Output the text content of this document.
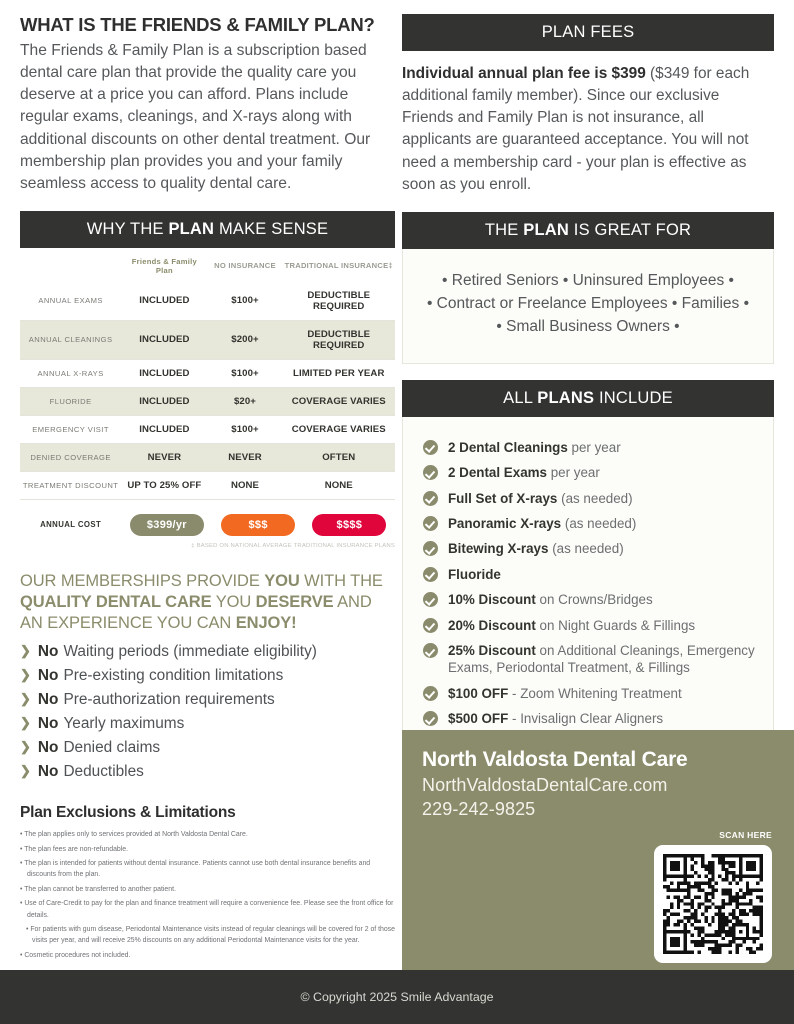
WHAT IS THE FRIENDS & FAMILY PLAN?
The Friends & Family Plan is a subscription based dental care plan that provide the quality care you deserve at a price you can afford. Plans include regular exams, cleanings, and X-rays along with additional discounts on other dental treatment. Our membership plan provides you and your family seamless access to quality dental care.
WHY THE PLAN MAKE SENSE
	Friends & Family Plan	NO INSURANCE	TRADITIONAL INSURANCE‡
ANNUAL EXAMS	INCLUDED	$100+	DEDUCTIBLE REQUIRED
ANNUAL CLEANINGS	INCLUDED	$200+	DEDUCTIBLE REQUIRED
ANNUAL X-RAYS	INCLUDED	$100+	LIMITED PER YEAR
FLUORIDE	INCLUDED	$20+	COVERAGE VARIES
EMERGENCY VISIT	INCLUDED	$100+	COVERAGE VARIES
DENIED COVERAGE	NEVER	NEVER	OFTEN
TREATMENT DISCOUNT	UP TO 25% OFF	NONE	NONE
ANNUAL COST	$399/yr	$$$	$$$$
‡ BASED ON NATIONAL AVERAGE TRADITIONAL INSURANCE PLANS
OUR MEMBERSHIPS PROVIDE YOU WITH THE QUALITY DENTAL CARE YOU DESERVE AND AN EXPERIENCE YOU CAN ENJOY!
❯ No Waiting periods (immediate eligibility)
❯ No Pre-existing condition limitations
❯ No Pre-authorization requirements
❯ No Yearly maximums
❯ No Denied claims
❯ No Deductibles
Plan Exclusions & Limitations
• The plan applies only to services provided at North Valdosta Dental Care.
• The plan fees are non-refundable.
• The plan is intended for patients without dental insurance. Patients cannot use both dental insurance benefits and discounts from the plan.
• The plan cannot be transferred to another patient.
• Use of Care-Credit to pay for the plan and finance treatment will require a convenience fee. Please see the front office for details.
• For patients with gum disease, Periodontal Maintenance visits instead of regular cleanings will be covered for 2 of those visits per year, and will receive 25% discounts on any additional Periodontal Maintenance visits for the year.
• Cosmetic procedures not included.
PLAN FEES
Individual annual plan fee is $399 ($349 for each additional family member). Since our exclusive Friends and Family Plan is not insurance, all applicants are guaranteed acceptance. You will not need a membership card - your plan is effective as soon as you enroll.
THE PLAN IS GREAT FOR
• Retired Seniors • Uninsured Employees •
• Contract or Freelance Employees • Families •
• Small Business Owners •
ALL PLANS INCLUDE
2 Dental Cleanings per year
2 Dental Exams per year
Full Set of X-rays (as needed)
Panoramic X-rays (as needed)
Bitewing X-rays (as needed)
Fluoride
10% Discount on Crowns/Bridges
20% Discount on Night Guards & Fillings
25% Discount on Additional Cleanings, Emergency Exams, Periodontal Treatment, & Fillings
$100 OFF - Zoom Whitening Treatment
$500 OFF - Invisalign Clear Aligners
North Valdosta Dental Care
NorthValdostaDentalCare.com
229-242-9825
SCAN HERE
© Copyright 2025 Smile Advantage
